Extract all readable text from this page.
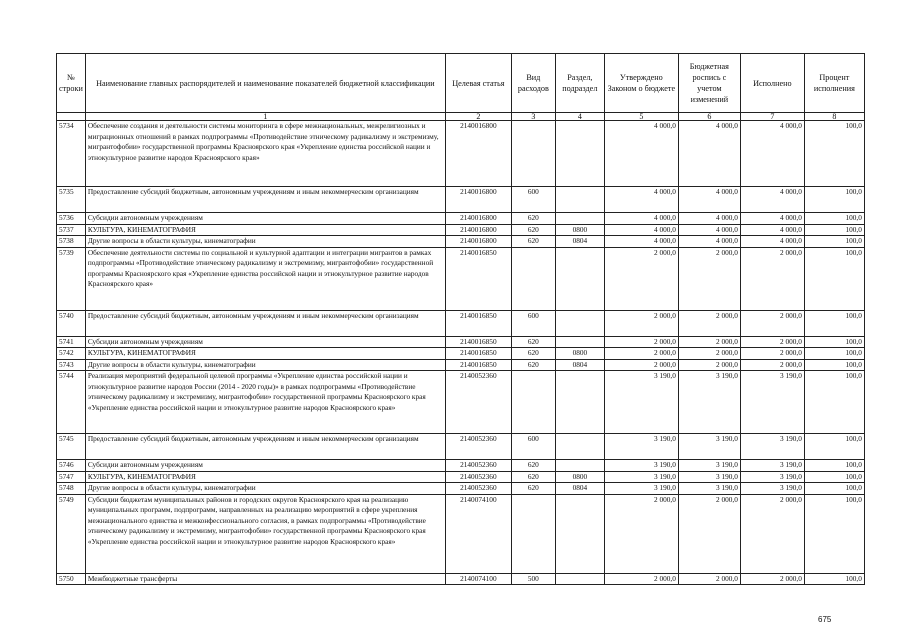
№ строки	Наименование главных распорядителей и наименование показателей бюджетной классификации	Целевая статья	Вид расходов	Раздел, подраздел	Утверждено Законом о бюджете	Бюджетная роспись с учетом изменений	Исполнено	Процент исполнения
	1	2	3	4	5	6	7	8
5734	Обеспечение создания и деятельности системы мониторинга в сфере межнациональных, межрелигиозных и миграционных отношений в рамках подпрограммы «Противодействие этническому радикализму и экстремизму, мигрантофобии» государственной программы Красноярского края «Укрепление единства российской нации и этнокультурное развитие народов Красноярского края»	2140016800			4 000,0	4 000,0	4 000,0	100,0
5735	Предоставление субсидий бюджетным, автономным учреждениям и иным некоммерческим организациям	2140016800	600		4 000,0	4 000,0	4 000,0	100,0
5736	Субсидии автономным учреждениям	2140016800	620		4 000,0	4 000,0	4 000,0	100,0
5737	КУЛЬТУРА, КИНЕМАТОГРАФИЯ	2140016800	620	0800	4 000,0	4 000,0	4 000,0	100,0
5738	Другие вопросы в области культуры, кинематографии	2140016800	620	0804	4 000,0	4 000,0	4 000,0	100,0
5739	Обеспечение деятельности системы по социальной и культурной адаптации и интеграции мигрантов в рамках подпрограммы «Противодействие этническому радикализму и экстремизму, мигрантофобии» государственной программы Красноярского края «Укрепление единства российской нации и этнокультурное развитие народов Красноярского края»	2140016850			2 000,0	2 000,0	2 000,0	100,0
5740	Предоставление субсидий бюджетным, автономным учреждениям и иным некоммерческим организациям	2140016850	600		2 000,0	2 000,0	2 000,0	100,0
5741	Субсидии автономным учреждениям	2140016850	620		2 000,0	2 000,0	2 000,0	100,0
5742	КУЛЬТУРА, КИНЕМАТОГРАФИЯ	2140016850	620	0800	2 000,0	2 000,0	2 000,0	100,0
5743	Другие вопросы в области культуры, кинематографии	2140016850	620	0804	2 000,0	2 000,0	2 000,0	100,0
5744	Реализация мероприятий федеральной целевой программы «Укрепление единства российской нации и этнокультурное развитие народов России (2014 - 2020 годы)» в рамках подпрограммы «Противодействие этническому радикализму и экстремизму, мигрантофобии» государственной программы Красноярского края «Укрепление единства российской нации и этнокультурное развитие народов Красноярского края»	2140052360			3 190,0	3 190,0	3 190,0	100,0
5745	Предоставление субсидий бюджетным, автономным учреждениям и иным некоммерческим организациям	2140052360	600		3 190,0	3 190,0	3 190,0	100,0
5746	Субсидии автономным учреждениям	2140052360	620		3 190,0	3 190,0	3 190,0	100,0
5747	КУЛЬТУРА, КИНЕМАТОГРАФИЯ	2140052360	620	0800	3 190,0	3 190,0	3 190,0	100,0
5748	Другие вопросы в области культуры, кинематографии	2140052360	620	0804	3 190,0	3 190,0	3 190,0	100,0
5749	Субсидии бюджетам муниципальных районов и городских округов Красноярского края на реализацию муниципальных программ, подпрограмм, направленных на реализацию мероприятий в сфере укрепления межнационального единства и межконфессионального согласия, в рамках подпрограммы «Противодействие этническому радикализму и экстремизму, мигрантофобии» государственной программы Красноярского края «Укрепление единства российской нации и этнокультурное развитие народов Красноярского края»	2140074100			2 000,0	2 000,0	2 000,0	100,0
5750	Межбюджетные трансферты	2140074100	500		2 000,0	2 000,0	2 000,0	100,0
675
